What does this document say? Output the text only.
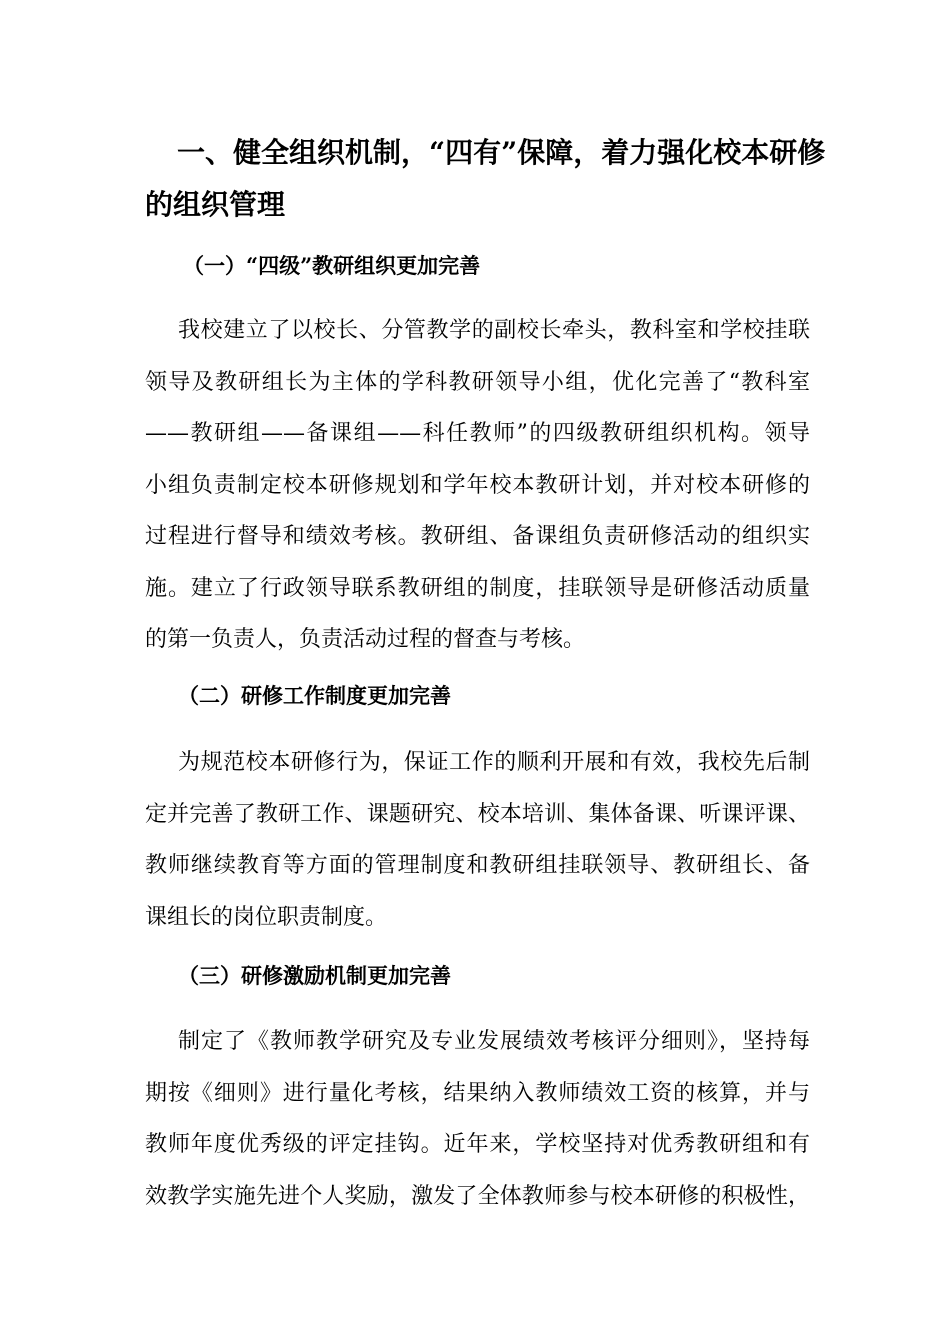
一、健全组织机制，“四有”保障，着力强化校本研修
的组织管理
（一）“四级”教研组织更加完善
我校建立了以校长、分管教学的副校长牵头，教科室和学校挂联
领导及教研组长为主体的学科教研领导小组，优化完善了“教科室
——教研组——备课组——科任教师”的四级教研组织机构。领导
小组负责制定校本研修规划和学年校本教研计划，并对校本研修的
过程进行督导和绩效考核。教研组、备课组负责研修活动的组织实
施。建立了行政领导联系教研组的制度，挂联领导是研修活动质量
的第一负责人，负责活动过程的督查与考核。
（二）研修工作制度更加完善
为规范校本研修行为，保证工作的顺利开展和有效，我校先后制
定并完善了教研工作、课题研究、校本培训、集体备课、听课评课、
教师继续教育等方面的管理制度和教研组挂联领导、教研组长、备
课组长的岗位职责制度。
（三）研修激励机制更加完善
制定了《教师教学研究及专业发展绩效考核评分细则》，坚持每
期按《细则》进行量化考核，结果纳入教师绩效工资的核算，并与
教师年度优秀级的评定挂钩。近年来，学校坚持对优秀教研组和有
效教学实施先进个人奖励，激发了全体教师参与校本研修的积极性，
